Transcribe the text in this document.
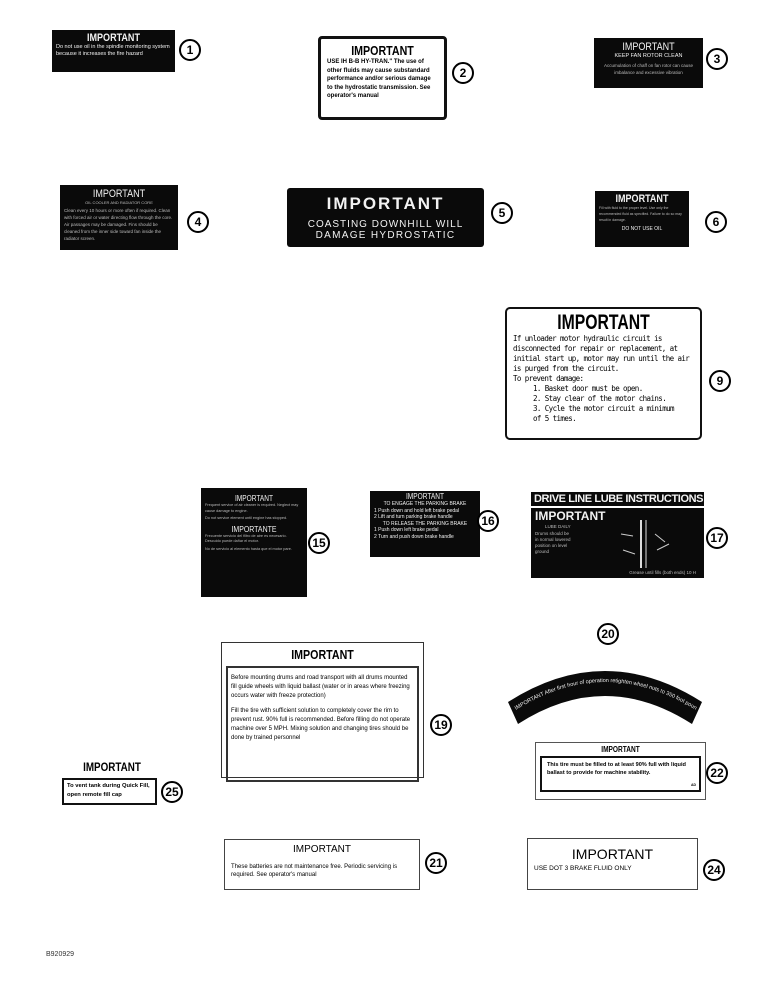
IMPORTANT
Do not use oil in the spindle monitoring system because it increases the fire hazard	1	IMPORTANT
USE IH B-B HY-TRAN." The use of other fluids may cause substandard performance and/or serious damage to the hydrostatic transmission. See operator's manual
2
IMPORTANT
KEEP FAN ROTOR CLEAN
Accumulation of chaff on fan rotor can cause imbalance and excessive vibration
3
IMPORTANT
OIL COOLER AND RADIATOR CORE
Clean every 10 hours or more often if required. Clean with forced air or water directing flow through the core. Air passages may be damaged. Fins should be cleaned from the inner side toward fan inside the radiator screen.
4
IMPORTANT
COASTING DOWNHILL WILL
DAMAGE HYDROSTATIC
5
IMPORTANT
Fill with fluid to the proper level. Use only the recommended fluid as specified. Failure to do so may result in damage.
DO NOT USE OIL	6
IMPORTANT
If unloader motor hydraulic circuit is disconnected for repair or replacement, at initial start up, motor may run until the air is purged from the circuit.
To prevent damage:
1. Basket door must be open.
2. Stay clear of the motor chains.
3. Cycle the motor circuit a minimum of 5 times.
9
IMPORTANT
Frequent service of air cleaner is required. Neglect may cause damage to engine.
Do not service element until engine has stopped.
IMPORTANTE
Frecuente servicio del filtro de aire es necesario. Descuido puede dañar el motor.
No de servicio al elemento hasta que el motor pare.	15
IMPORTANT
TO ENGAGE THE PARKING BRAKE
1 Push down and hold left brake pedal
2 Lift and turn parking brake handle
TO RELEASE THE PARKING BRAKE
1 Push down left brake pedal
2 Turn and push down brake handle
16
DRIVE LINE LUBE INSTRUCTIONS
IMPORTANT
LUBE DAILY
Drums should be in normal lowered position on level ground
Grease until fills (both ends) 10 H
17
IMPORTANT
Before mounting drums and road transport with all drums mounted fill guide wheels with liquid ballast (water or in areas where freezing occurs water with freeze protection)
Fill the tire with sufficient solution to completely cover the rim to prevent rust. 90% full is recommended. Before filling do not operate machine over 5 MPH. Mixing solution and changing tires should be done by trained personnel
19
20
IMPORTANT After first hour of operation retighten wheel nuts to 350 foot poun
IMPORTANT
This tire must be filled to at least 90% full with liquid ballast to provide for machine stability.
AD
22
IMPORTANT
To vent tank during Quick Fill, open remote fill cap	25
IMPORTANT
These batteries are not maintenance free. Periodic servicing is required. See operator's manual
21
IMPORTANT
USE DOT 3 BRAKE FLUID ONLY	24
B920929
